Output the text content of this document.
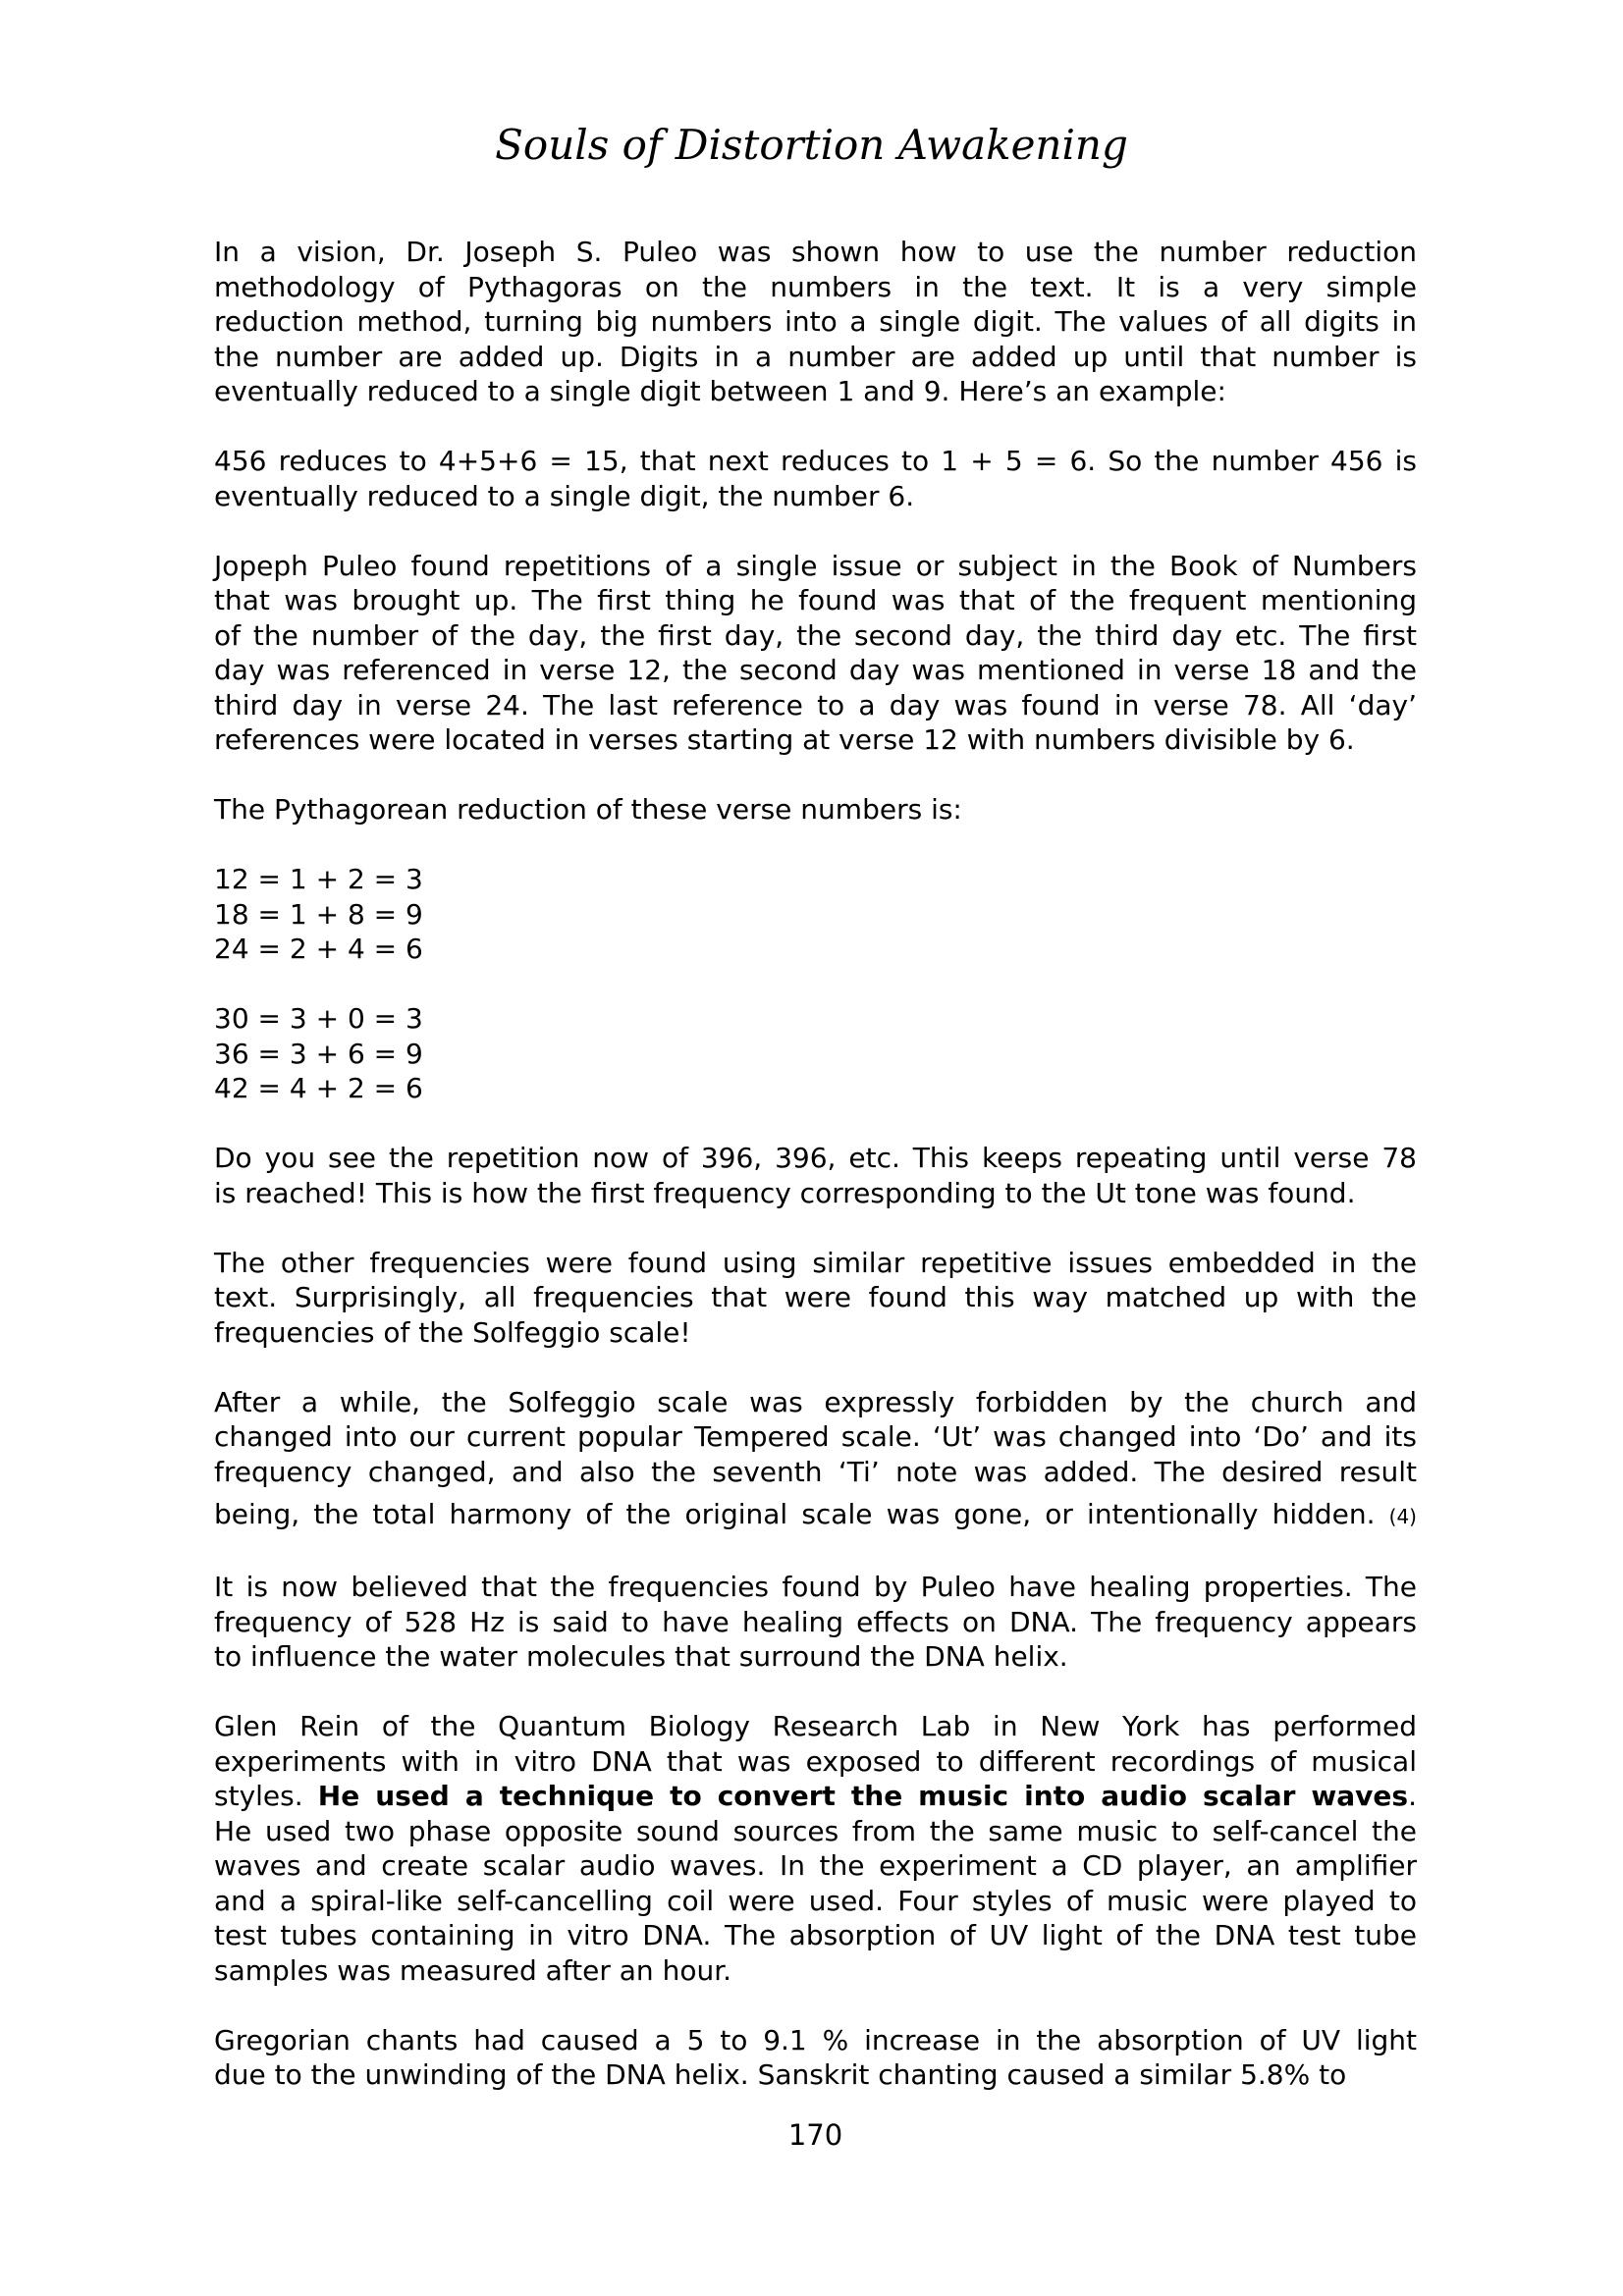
Souls of Distortion Awakening
In a vision, Dr. Joseph S. Puleo was shown how to use the number reduction
methodology of Pythagoras on the numbers in the text. It is a very simple
reduction method, turning big numbers into a single digit. The values of all digits in
the number are added up. Digits in a number are added up until that number is
eventually reduced to a single digit between 1 and 9. Here’s an example:
456 reduces to 4+5+6 = 15, that next reduces to 1 + 5 = 6. So the number 456 is
eventually reduced to a single digit, the number 6.
Jopeph Puleo found repetitions of a single issue or subject in the Book of Numbers
that was brought up. The first thing he found was that of the frequent mentioning
of the number of the day, the first day, the second day, the third day etc. The first
day was referenced in verse 12, the second day was mentioned in verse 18 and the
third day in verse 24. The last reference to a day was found in verse 78. All ‘day’
references were located in verses starting at verse 12 with numbers divisible by 6.
The Pythagorean reduction of these verse numbers is:
12 = 1 + 2 = 3
18 = 1 + 8 = 9
24 = 2 + 4 = 6
30 = 3 + 0 = 3
36 = 3 + 6 = 9
42 = 4 + 2 = 6
Do you see the repetition now of 396, 396, etc. This keeps repeating until verse 78
is reached! This is how the first frequency corresponding to the Ut tone was found.
The other frequencies were found using similar repetitive issues embedded in the
text. Surprisingly, all frequencies that were found this way matched up with the
frequencies of the Solfeggio scale!
After a while, the Solfeggio scale was expressly forbidden by the church and
changed into our current popular Tempered scale. ‘Ut’ was changed into ‘Do’ and its
frequency changed, and also the seventh ‘Ti’ note was added. The desired result
being, the total harmony of the original scale was gone, or intentionally hidden. (4)
It is now believed that the frequencies found by Puleo have healing properties. The
frequency of 528 Hz is said to have healing effects on DNA. The frequency appears
to influence the water molecules that surround the DNA helix.
Glen Rein of the Quantum Biology Research Lab in New York has performed
experiments with in vitro DNA that was exposed to different recordings of musical
styles. He used a technique to convert the music into audio scalar waves.
He used two phase opposite sound sources from the same music to self-cancel the
waves and create scalar audio waves. In the experiment a CD player, an amplifier
and a spiral-like self-cancelling coil were used. Four styles of music were played to
test tubes containing in vitro DNA. The absorption of UV light of the DNA test tube
samples was measured after an hour.
Gregorian chants had caused a 5 to 9.1 % increase in the absorption of UV light
due to the unwinding of the DNA helix. Sanskrit chanting caused a similar 5.8% to
170
